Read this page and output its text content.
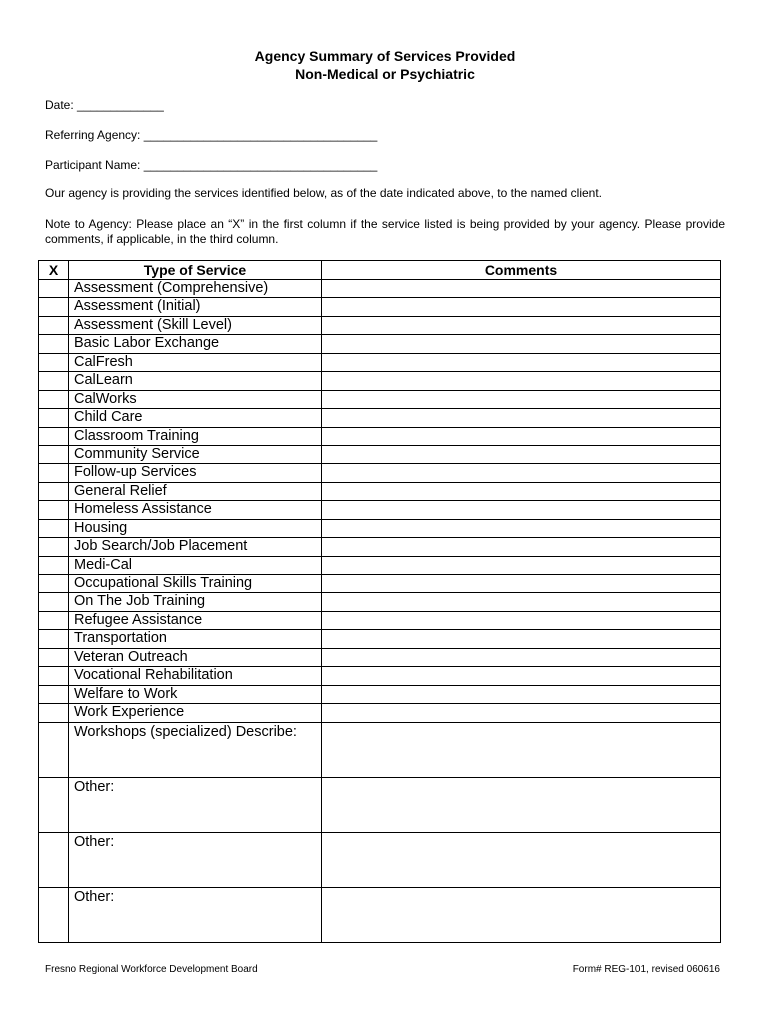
Agency Summary of Services Provided
Non-Medical or Psychiatric
Date: _____________
Referring Agency: ___________________________________
Participant Name: ___________________________________
Our agency is providing the services identified below, as of the date indicated above, to the named client.
Note to Agency: Please place an “X” in the first column if the service listed is being provided by your agency. Please provide comments, if applicable, in the third column.
X	Type of Service	Comments
	Assessment (Comprehensive)	
	Assessment (Initial)	
	Assessment (Skill Level)	
	Basic Labor Exchange	
	CalFresh	
	CalLearn	
	CalWorks	
	Child Care	
	Classroom Training	
	Community Service	
	Follow-up Services	
	General Relief	
	Homeless Assistance	
	Housing	
	Job Search/Job Placement	
	Medi-Cal	
	Occupational Skills Training	
	On The Job Training	
	Refugee Assistance	
	Transportation	
	Veteran Outreach	
	Vocational Rehabilitation	
	Welfare to Work	
	Work Experience	
	Workshops (specialized) Describe:	
	Other:	
	Other:	
	Other:	
Fresno Regional Workforce Development Board	Form# REG-101, revised 060616
